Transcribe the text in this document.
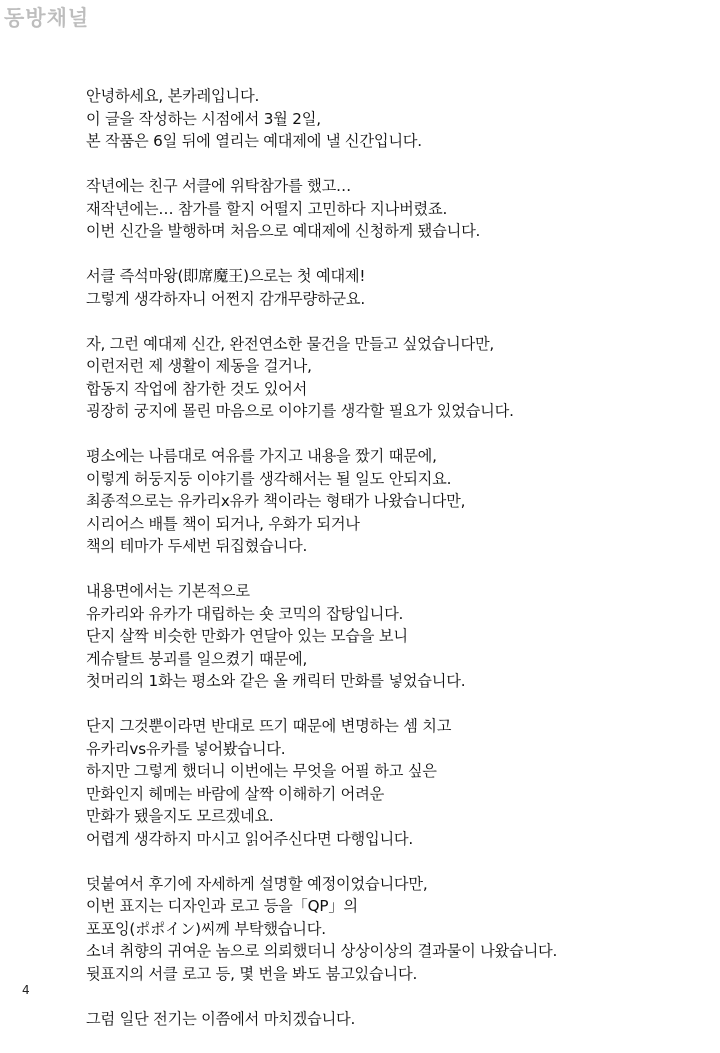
동방채널
안녕하세요, 본카레입니다.
이 글을 작성하는 시점에서 3월 2일,
본 작품은 6일 뒤에 열리는 예대제에 낼 신간입니다.
작년에는 친구 서클에 위탁참가를 했고…
재작년에는… 참가를 할지 어떨지 고민하다 지나버렸죠.
이번 신간을 발행하며 처음으로 예대제에 신청하게 됐습니다.
서클 즉석마왕(即席魔王)으로는 첫 예대제!
그렇게 생각하자니 어쩐지 감개무량하군요.
자, 그런 예대제 신간, 완전연소한 물건을 만들고 싶었습니다만,
이런저런 제 생활이 제동을 걸거나,
합동지 작업에 참가한 것도 있어서
굉장히 궁지에 몰린 마음으로 이야기를 생각할 필요가 있었습니다.
평소에는 나름대로 여유를 가지고 내용을 짰기 때문에,
이렇게 허둥지둥 이야기를 생각해서는 될 일도 안되지요.
최종적으로는 유카리x유카 책이라는 형태가 나왔습니다만,
시리어스 배틀 책이 되거나, 우화가 되거나
책의 테마가 두세번 뒤집혔습니다.
내용면에서는 기본적으로
유카리와 유카가 대립하는 숏 코믹의 잡탕입니다.
단지 살짝 비슷한 만화가 연달아 있는 모습을 보니
게슈탈트 붕괴를 일으켰기 때문에,
첫머리의 1화는 평소와 같은 올 캐릭터 만화를 넣었습니다.
단지 그것뿐이라면 반대로 뜨기 때문에 변명하는 셈 치고
유카리vs유카를 넣어봤습니다.
하지만 그렇게 했더니 이번에는 무엇을 어필 하고 싶은
만화인지 헤메는 바람에 살짝 이해하기 어려운
만화가 됐을지도 모르겠네요.
어렵게 생각하지 마시고 읽어주신다면 다행입니다.
덧붙여서 후기에 자세하게 설명할 예정이었습니다만,
이번 표지는 디자인과 로고 등을「QP」의
포포잉(ポポイン)씨께 부탁했습니다.
소녀 취향의 귀여운 놈으로 의뢰했더니 상상이상의 결과물이 나왔습니다.
뒷표지의 서클 로고 등, 몇 번을 봐도 붐고있습니다.
그럼 일단 전기는 이쯤에서 마치겠습니다.
4
